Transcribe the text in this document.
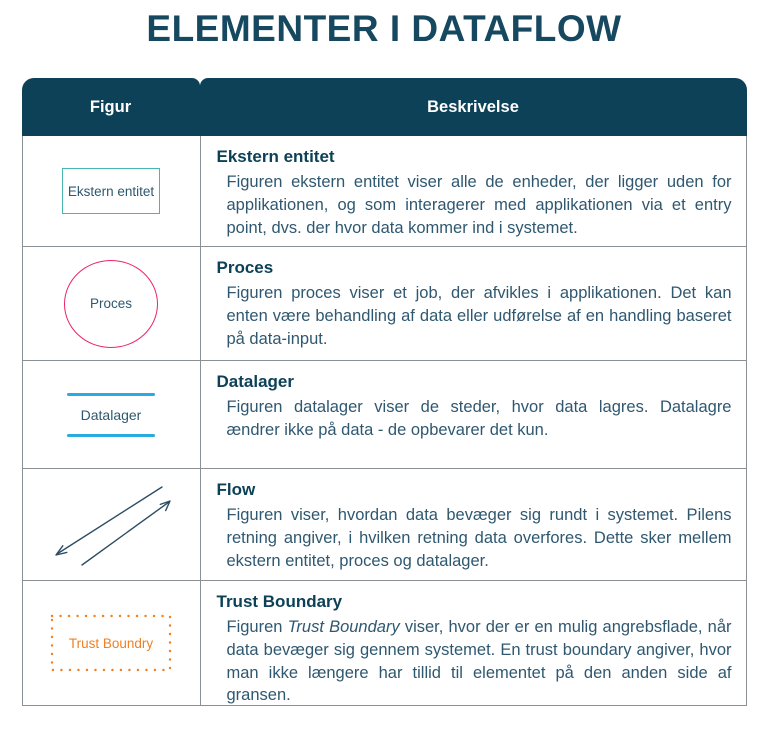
ELEMENTER I DATAFLOW
Figur	Beskrivelse
Ekstern entitet
Ekstern entitet

Figuren ekstern entitet viser alle de enheder, der ligger uden for applikationen, og som interagerer med applikationen via et entry point, dvs. der hvor data kommer ind i systemet.

Proces
Proces

Figuren proces viser et job, der afvikles i applikationen. Det kan enten være behandling af data eller udførelse af en handling baseret på data-input.

Datalager
Datalager

Figuren datalager viser de steder, hvor data lagres. Datalagre ændrer ikke på data - de opbevarer det kun.

Flow

Figuren viser, hvordan data bevæger sig rundt i systemet. Pilens retning angiver, i hvilken retning data overfores. Dette sker mellem ekstern entitet, proces og datalager.

Trust Boundry
Trust Boundary

Figuren Trust Boundary viser, hvor der er en mulig angrebsflade, når data bevæger sig gennem systemet. En trust boundary angiver, hvor man ikke længere har tillid til elementet på den anden side af gransen.
